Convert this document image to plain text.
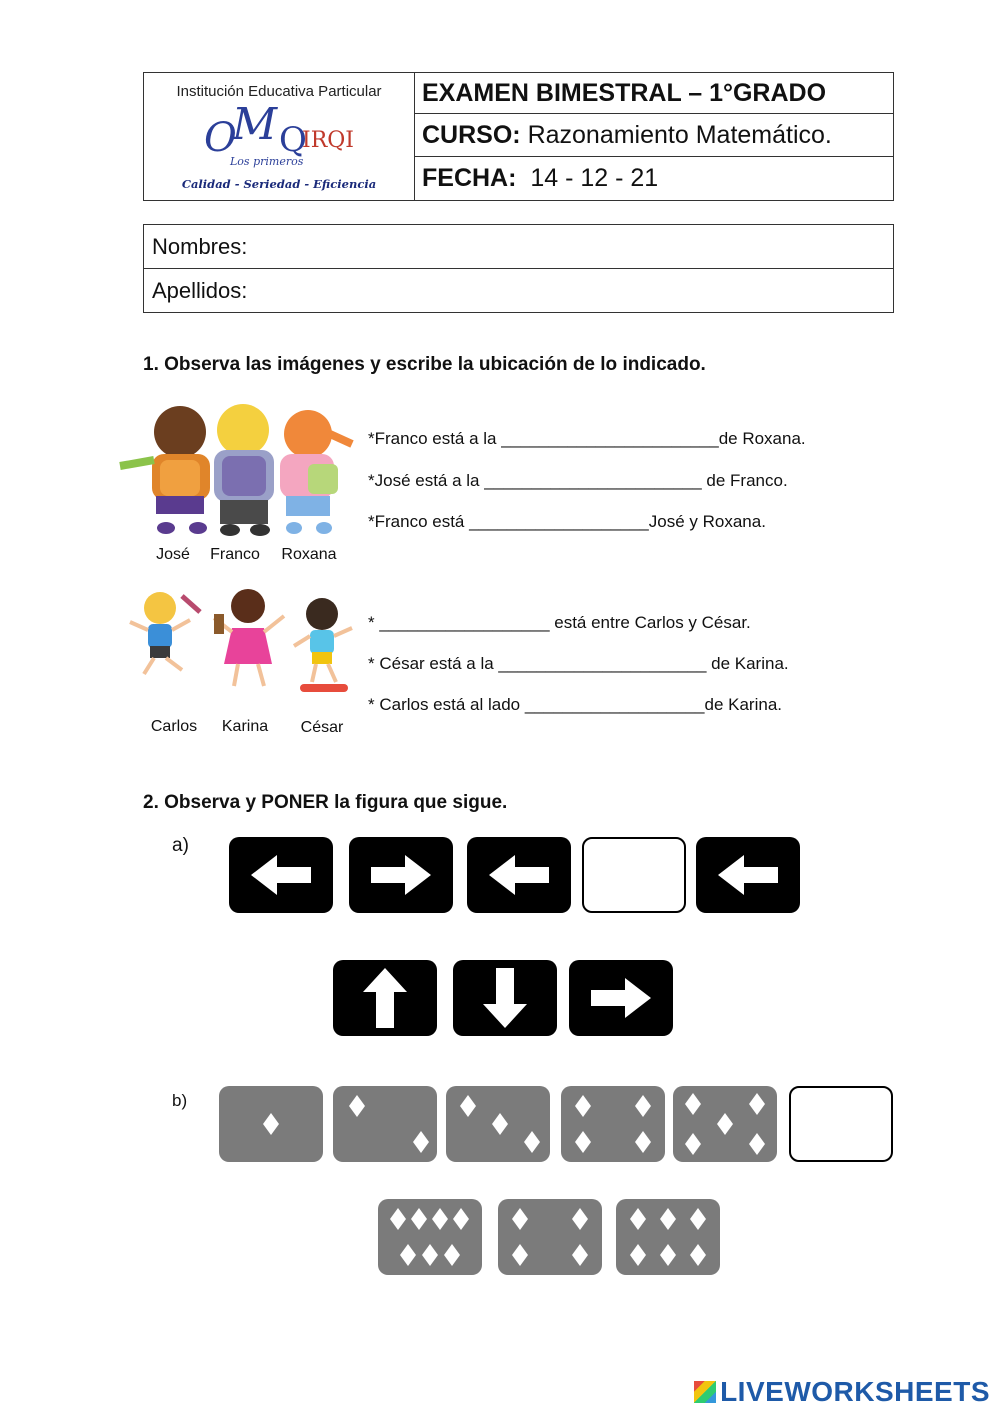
Institución Educativa Particular
O
M Q
IRQI
Los primeros
Calidad - Seriedad - Eficiencia
EXAMEN BIMESTRAL – 1°GRADO
CURSO:
Razonamiento Matemático.
FECHA:
14 - 12 - 21
Nombres:
Apellidos:
1. Observa las imágenes y escribe la ubicación de lo indicado.
José	Franco	Roxana
*Franco está a la _______________________de Roxana.
*José está a la _______________________ de Franco.
*Franco está ___________________José y Roxana.
Carlos	Karina	César
* __________________ está entre Carlos y César.
* César está a la ______________________ de Karina.
* Carlos está al lado ___________________de Karina.
2. Observa y PONER la figura que sigue.
a)
b)
LIVEWORKSHEETS
